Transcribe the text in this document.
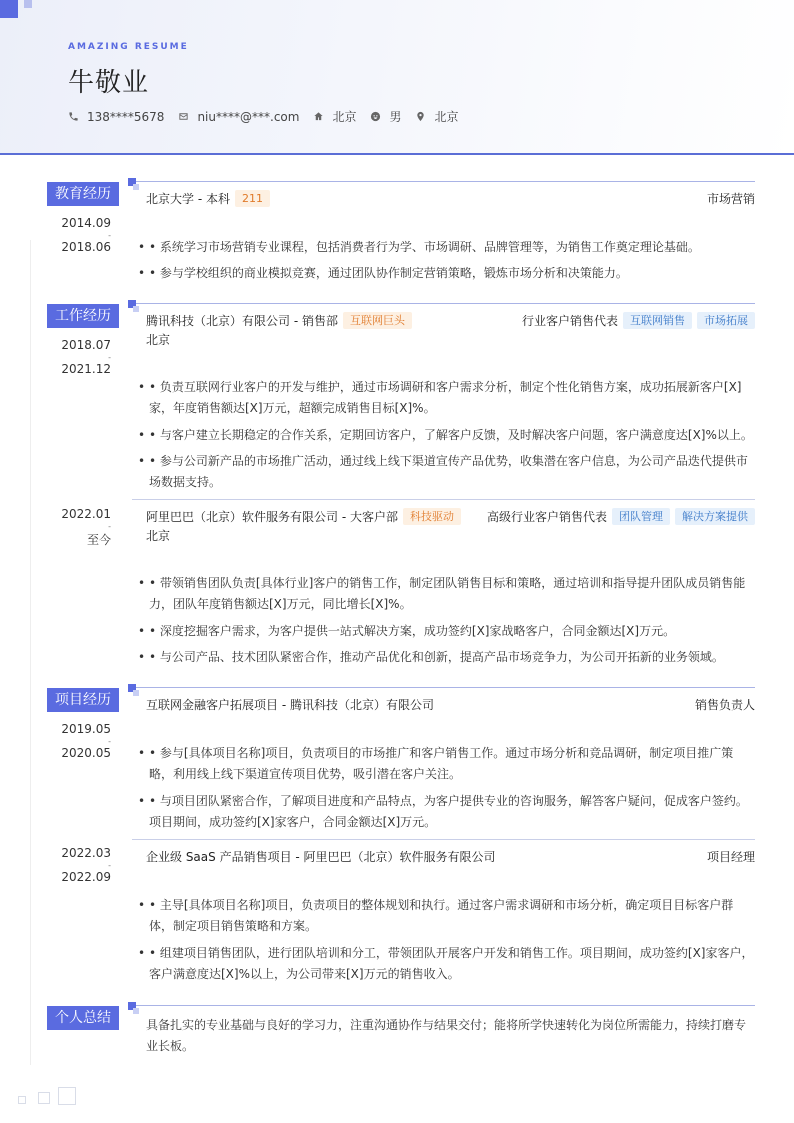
AMAZING RESUME
牛敬业
138****5678	niu****@***.com	北京	男	北京
教育经历
2014.09
-
2018.06
北京大学 - 本科	211	市场营销
• • 系统学习市场营销专业课程，包括消费者行为学、市场调研、品牌管理等，为销售工作奠定理论基础。
• • 参与学校组织的商业模拟竞赛，通过团队协作制定营销策略，锻炼市场分析和决策能力。
工作经历
2018.07
-
2021.12
腾讯科技（北京）有限公司 - 销售部	互联网巨头	行业客户销售代表	互联网销售	市场拓展
北京
• • 负责互联网行业客户的开发与维护，通过市场调研和客户需求分析，制定个性化销售方案，成功拓展新客户[X]家，年度销售额达[X]万元，超额完成销售目标[X]%。
• • 与客户建立长期稳定的合作关系，定期回访客户，了解客户反馈，及时解决客户问题，客户满意度达[X]%以上。
• • 参与公司新产品的市场推广活动，通过线上线下渠道宣传产品优势，收集潜在客户信息，为公司产品迭代提供市场数据支持。
2022.01
-
至今
阿里巴巴（北京）软件服务有限公司 - 大客户部	科技驱动	高级行业客户销售代表	团队管理	解决方案提供
北京
• • 带领销售团队负责[具体行业]客户的销售工作，制定团队销售目标和策略，通过培训和指导提升团队成员销售能力，团队年度销售额达[X]万元，同比增长[X]%。
• • 深度挖掘客户需求，为客户提供一站式解决方案，成功签约[X]家战略客户，合同金额达[X]万元。
• • 与公司产品、技术团队紧密合作，推动产品优化和创新，提高产品市场竞争力，为公司开拓新的业务领域。
项目经历
2019.05
-
2020.05
互联网金融客户拓展项目 - 腾讯科技（北京）有限公司	销售负责人
• • 参与[具体项目名称]项目，负责项目的市场推广和客户销售工作。通过市场分析和竞品调研，制定项目推广策略，利用线上线下渠道宣传项目优势，吸引潜在客户关注。
• • 与项目团队紧密合作，了解项目进度和产品特点，为客户提供专业的咨询服务，解答客户疑问，促成客户签约。项目期间，成功签约[X]家客户，合同金额达[X]万元。
2022.03
-
2022.09
企业级 SaaS 产品销售项目 - 阿里巴巴（北京）软件服务有限公司	项目经理
• • 主导[具体项目名称]项目，负责项目的整体规划和执行。通过客户需求调研和市场分析，确定项目目标客户群体，制定项目销售策略和方案。
• • 组建项目销售团队，进行团队培训和分工，带领团队开展客户开发和销售工作。项目期间，成功签约[X]家客户，客户满意度达[X]%以上，为公司带来[X]万元的销售收入。
个人总结	具备扎实的专业基础与良好的学习力，注重沟通协作与结果交付；能将所学快速转化为岗位所需能力，持续打磨专业长板。
